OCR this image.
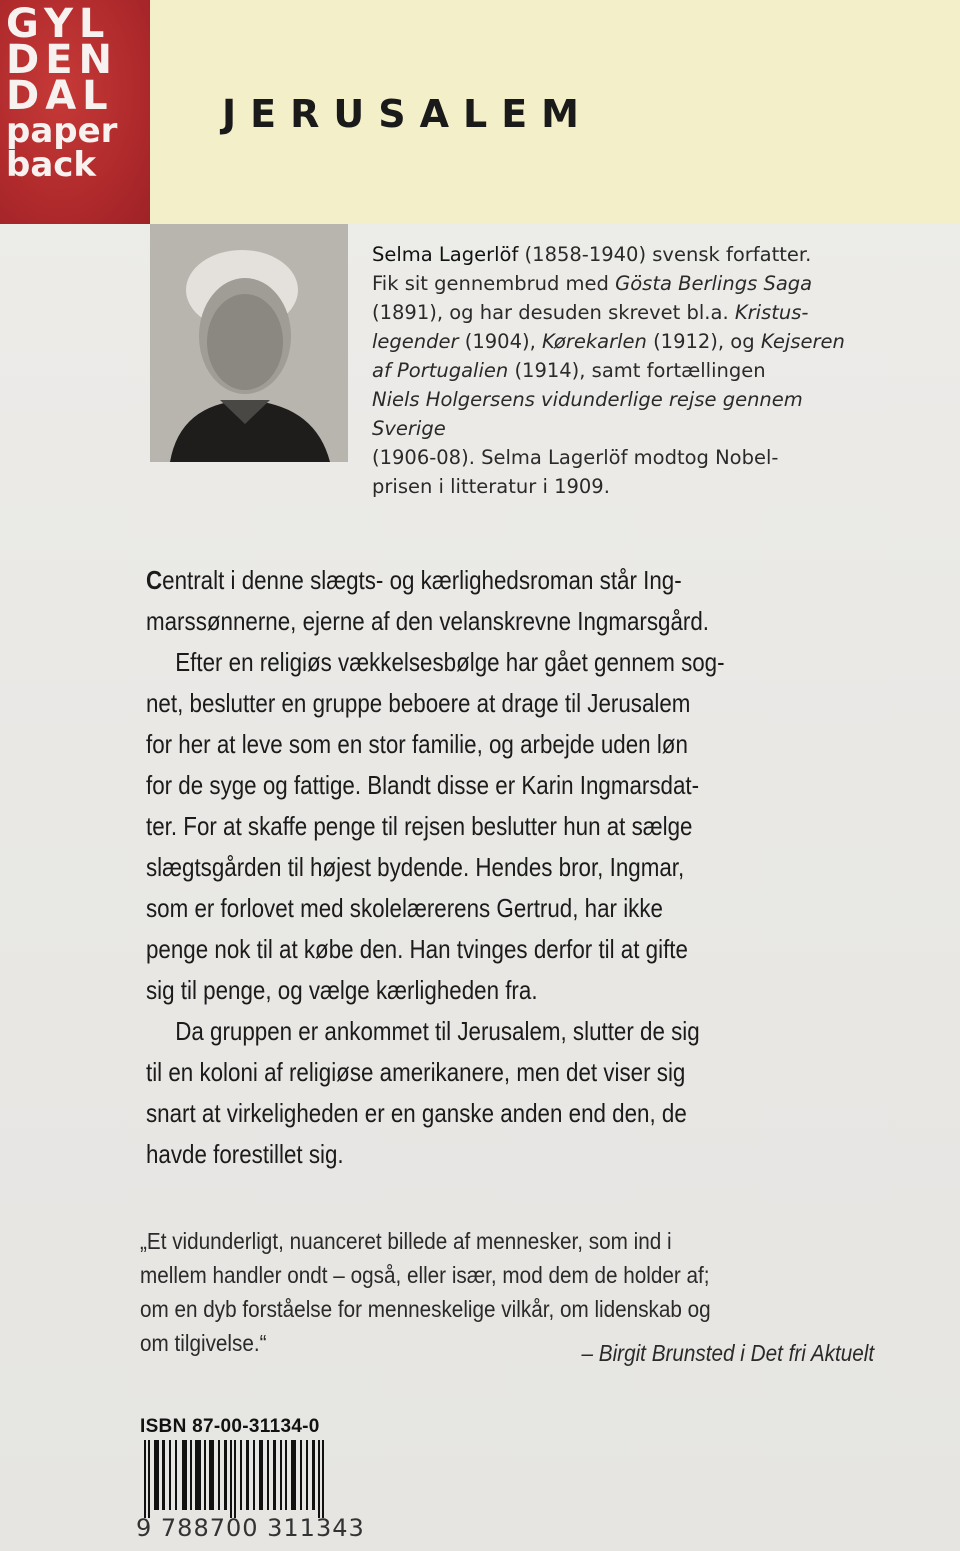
GYL
DEN
DAL
paper
back
JERUSALEM
Selma Lagerlöf (1858-1940) svensk forfatter.
Fik sit gennembrud med Gösta Berlings Saga
(1891), og har desuden skrevet bl.a. Kristus-
legender (1904), Kørekarlen (1912), og Kejseren
af Portugalien (1914), samt fortællingen
Niels Holgersens vidunderlige rejse gennem Sverige
(1906-08). Selma Lagerlöf modtog Nobel-
prisen i litteratur i 1909.

Centralt i denne slægts- og kærlighedsroman står Ing-
marssønnerne, ejerne af den velanskrevne Ingmarsgård.

Efter en religiøs vækkelsesbølge har gået gennem sog-
net, beslutter en gruppe beboere at drage til Jerusalem
for her at leve som en stor familie, og arbejde uden løn
for de syge og fattige. Blandt disse er Karin Ingmarsdat-
ter. For at skaffe penge til rejsen beslutter hun at sælge
slægtsgården til højest bydende. Hendes bror, Ingmar,
som er forlovet med skolelærerens Gertrud, har ikke
penge nok til at købe den. Han tvinges derfor til at gifte
sig til penge, og vælge kærligheden fra.

Da gruppen er ankommet til Jerusalem, slutter de sig
til en koloni af religiøse amerikanere, men det viser sig
snart at virkeligheden er en ganske anden end den, de
havde forestillet sig.

„Et vidunderligt, nuanceret billede af mennesker, som ind i
mellem handler ondt – også, eller især, mod dem de holder af;
om en dyb forståelse for menneskelige vilkår, om lidenskab og
om tilgivelse.“	– Birgit Brunsted i Det fri Aktuelt
ISBN 87-00-31134-0
9 788700 311343
